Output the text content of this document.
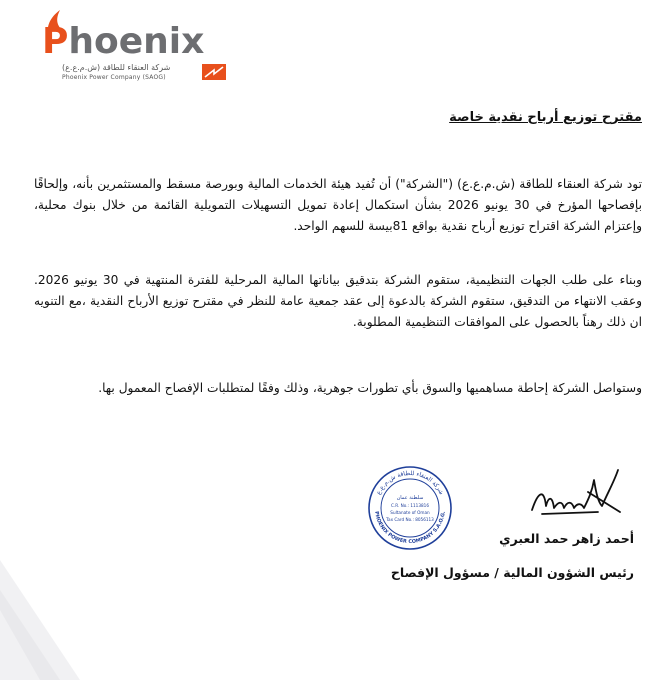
Phoenix
شركة العنقاء للطاقة (ش.م.ع.ع)
Phoenix Power Company (SAOG)
مقترح توزيع أرباح نقدية خاصة
تود شركة العنقاء للطاقة (ش.م.ع.ع) ("الشركة") أن تُفيد هيئة الخدمات المالية وبورصة مسقط والمستثمرين بأنه، وإلحاقًا بإفصاحها المؤرخ في 30 يونيو 2026 بشأن استكمال إعادة تمويل التسهيلات التمويلية القائمة من خلال بنوك محلية، وإعتزام الشركة اقتراح توزيع أرباح نقدية بواقع 81بيسة للسهم الواحد.
وبناء على طلب الجهات التنظيمية، ستقوم الشركة بتدقيق بياناتها المالية المرحلية للفترة المنتهية في 30 يونيو 2026. وعقب الانتهاء من التدقيق، ستقوم الشركة بالدعوة إلى عقد جمعية عامة للنظر في مقترح توزيع الأرباح النقدية ،مع التنويه ان ذلك رهناً بالحصول على الموافقات التنظيمية المطلوبة.
وستواصل الشركة إحاطة مساهميها والسوق بأي تطورات جوهرية، وذلك وفقًا لمتطلبات الإفصاح المعمول بها.
شركة العنقاء للطاقة ش.م.ع.ع
PHOENIX POWER COMPANY S.A.O.G.
سلطنة عمان
C.R. No.: 1113816
Sultanate of Oman
Tax Card No.: 8056113
أحمد زاهر حمد العبري
رئيس الشؤون المالية / مسؤول الإفصاح
